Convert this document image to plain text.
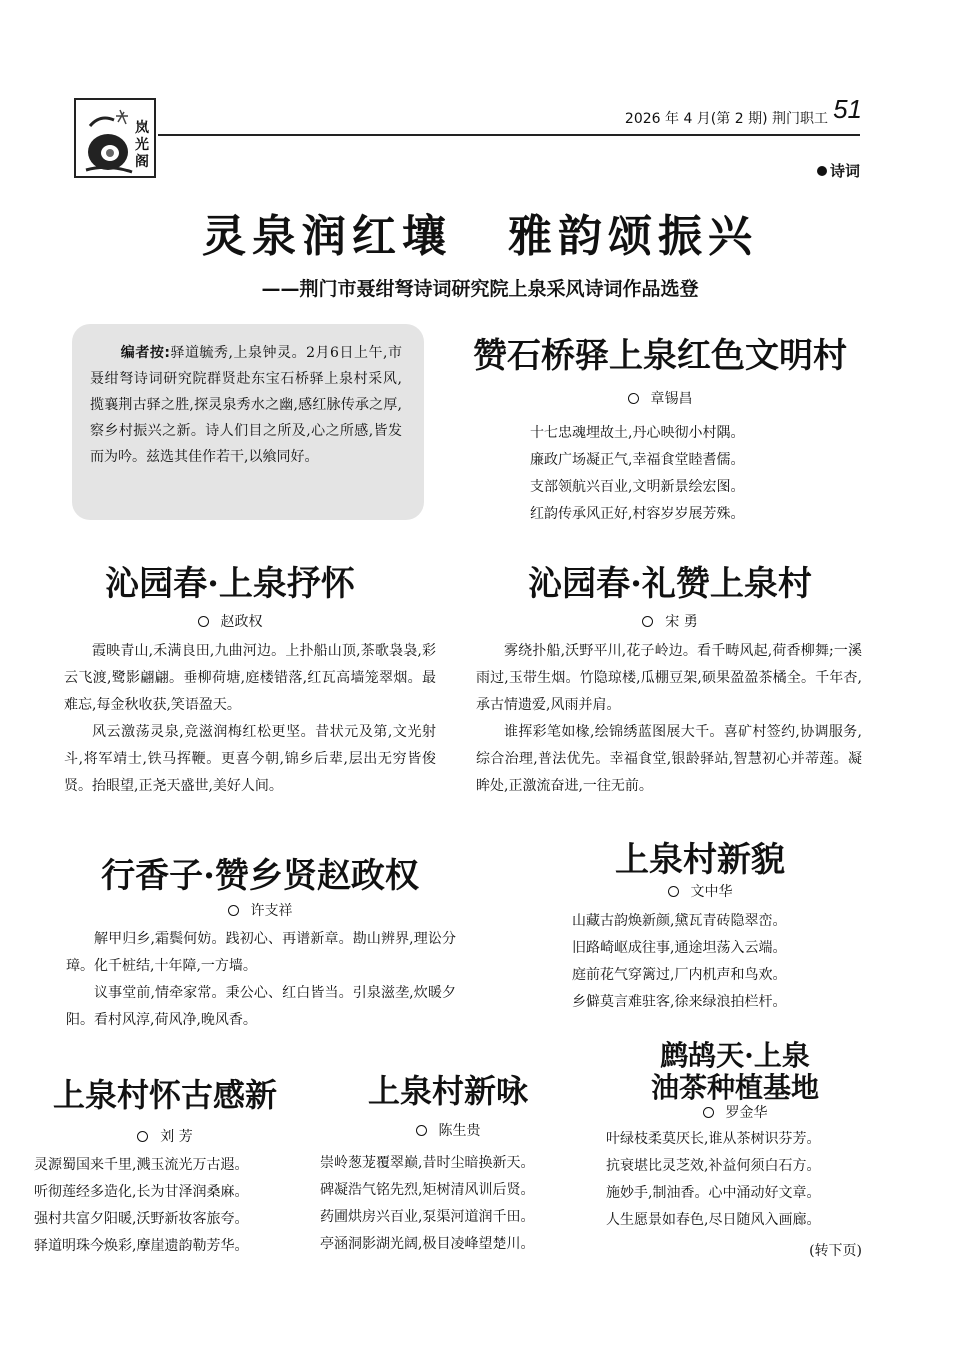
岚光阁
2026 年 4 月(第 2 期) 荆门职工 51
诗词
灵泉润红壤 雅韵颂振兴
——荆门市聂绀弩诗词研究院上泉采风诗词作品选登

编者按:驿道毓秀,上泉钟灵。2月6日上午,市聂绀弩诗词研究院群贤赴东宝石桥驿上泉村采风,揽襄荆古驿之胜,探灵泉秀水之幽,感红脉传承之厚,察乡村振兴之新。诗人们目之所及,心之所感,皆发而为吟。兹选其佳作若干,以飨同好。

赞石桥驿上泉红色文明村
章锡昌
十七忠魂埋故土,丹心映彻小村隅。
廉政广场凝正气,幸福食堂睦耆儒。
支部领航兴百业,文明新景绘宏图。
红韵传承风正好,村容岁岁展芳殊。
沁园春·上泉抒怀
赵政权

霞映青山,禾满良田,九曲河边。上扑船山顶,茶歌袅袅,彩云飞渡,鹭影翩翩。垂柳荷塘,庭楼错落,红瓦高墙笼翠烟。最难忘,每金秋收获,笑语盈天。

风云激荡灵泉,竞滋润梅红松更坚。昔状元及第,文光射斗,将军靖士,铁马挥鞭。更喜今朝,锦乡后辈,层出无穷皆俊贤。抬眼望,正尧天盛世,美好人间。

沁园春·礼赞上泉村
宋 勇

雾绕扑船,沃野平川,花子岭边。看千畴风起,荷香柳舞;一溪雨过,玉带生烟。竹隐琼楼,瓜棚豆架,硕果盈盈茶橘全。千年杏,承古情遗爱,风雨并肩。

谁挥彩笔如椽,绘锦绣蓝图展大千。喜矿村签约,协调服务,综合治理,普法优先。幸福食堂,银龄驿站,智慧初心并蒂莲。凝眸处,正激流奋进,一往无前。

行香子·赞乡贤赵政权
许支祥

解甲归乡,霜鬓何妨。践初心、再谱新章。勘山辨界,理讼分璋。化千桩结,十年障,一方墙。

议事堂前,情牵家常。秉公心、红白皆当。引泉滋垄,炊暖夕阳。看村风淳,荷风净,晚风香。

上泉村新貌
文中华
山藏古韵焕新颜,黛瓦青砖隐翠峦。
旧路崎岖成往事,通途坦荡入云端。
庭前花气穿篱过,厂内机声和鸟欢。
乡僻莫言难驻客,徐来绿浪拍栏杆。
上泉村怀古感新
刘 芳
灵源蜀国来千里,溅玉流光万古遐。
听彻莲经多造化,长为甘泽润桑麻。
强村共富夕阳暖,沃野新妆客旅夸。
驿道明珠今焕彩,摩崖遗韵勒芳华。
上泉村新咏
陈生贵
崇岭葱茏覆翠巅,昔时尘暗换新天。
碑凝浩气铭先烈,矩树清风训后贤。
药圃烘房兴百业,泵渠河道润千田。
亭涵洞影湖光阔,极目凌峰望楚川。
鹧鸪天·上泉
油茶种植基地
罗金华
叶绿枝柔莫厌长,谁从茶树识芬芳。
抗衰堪比灵芝效,补益何须白石方。
施妙手,制油香。心中涌动好文章。
人生愿景如春色,尽日随风入画廊。
(转下页)
